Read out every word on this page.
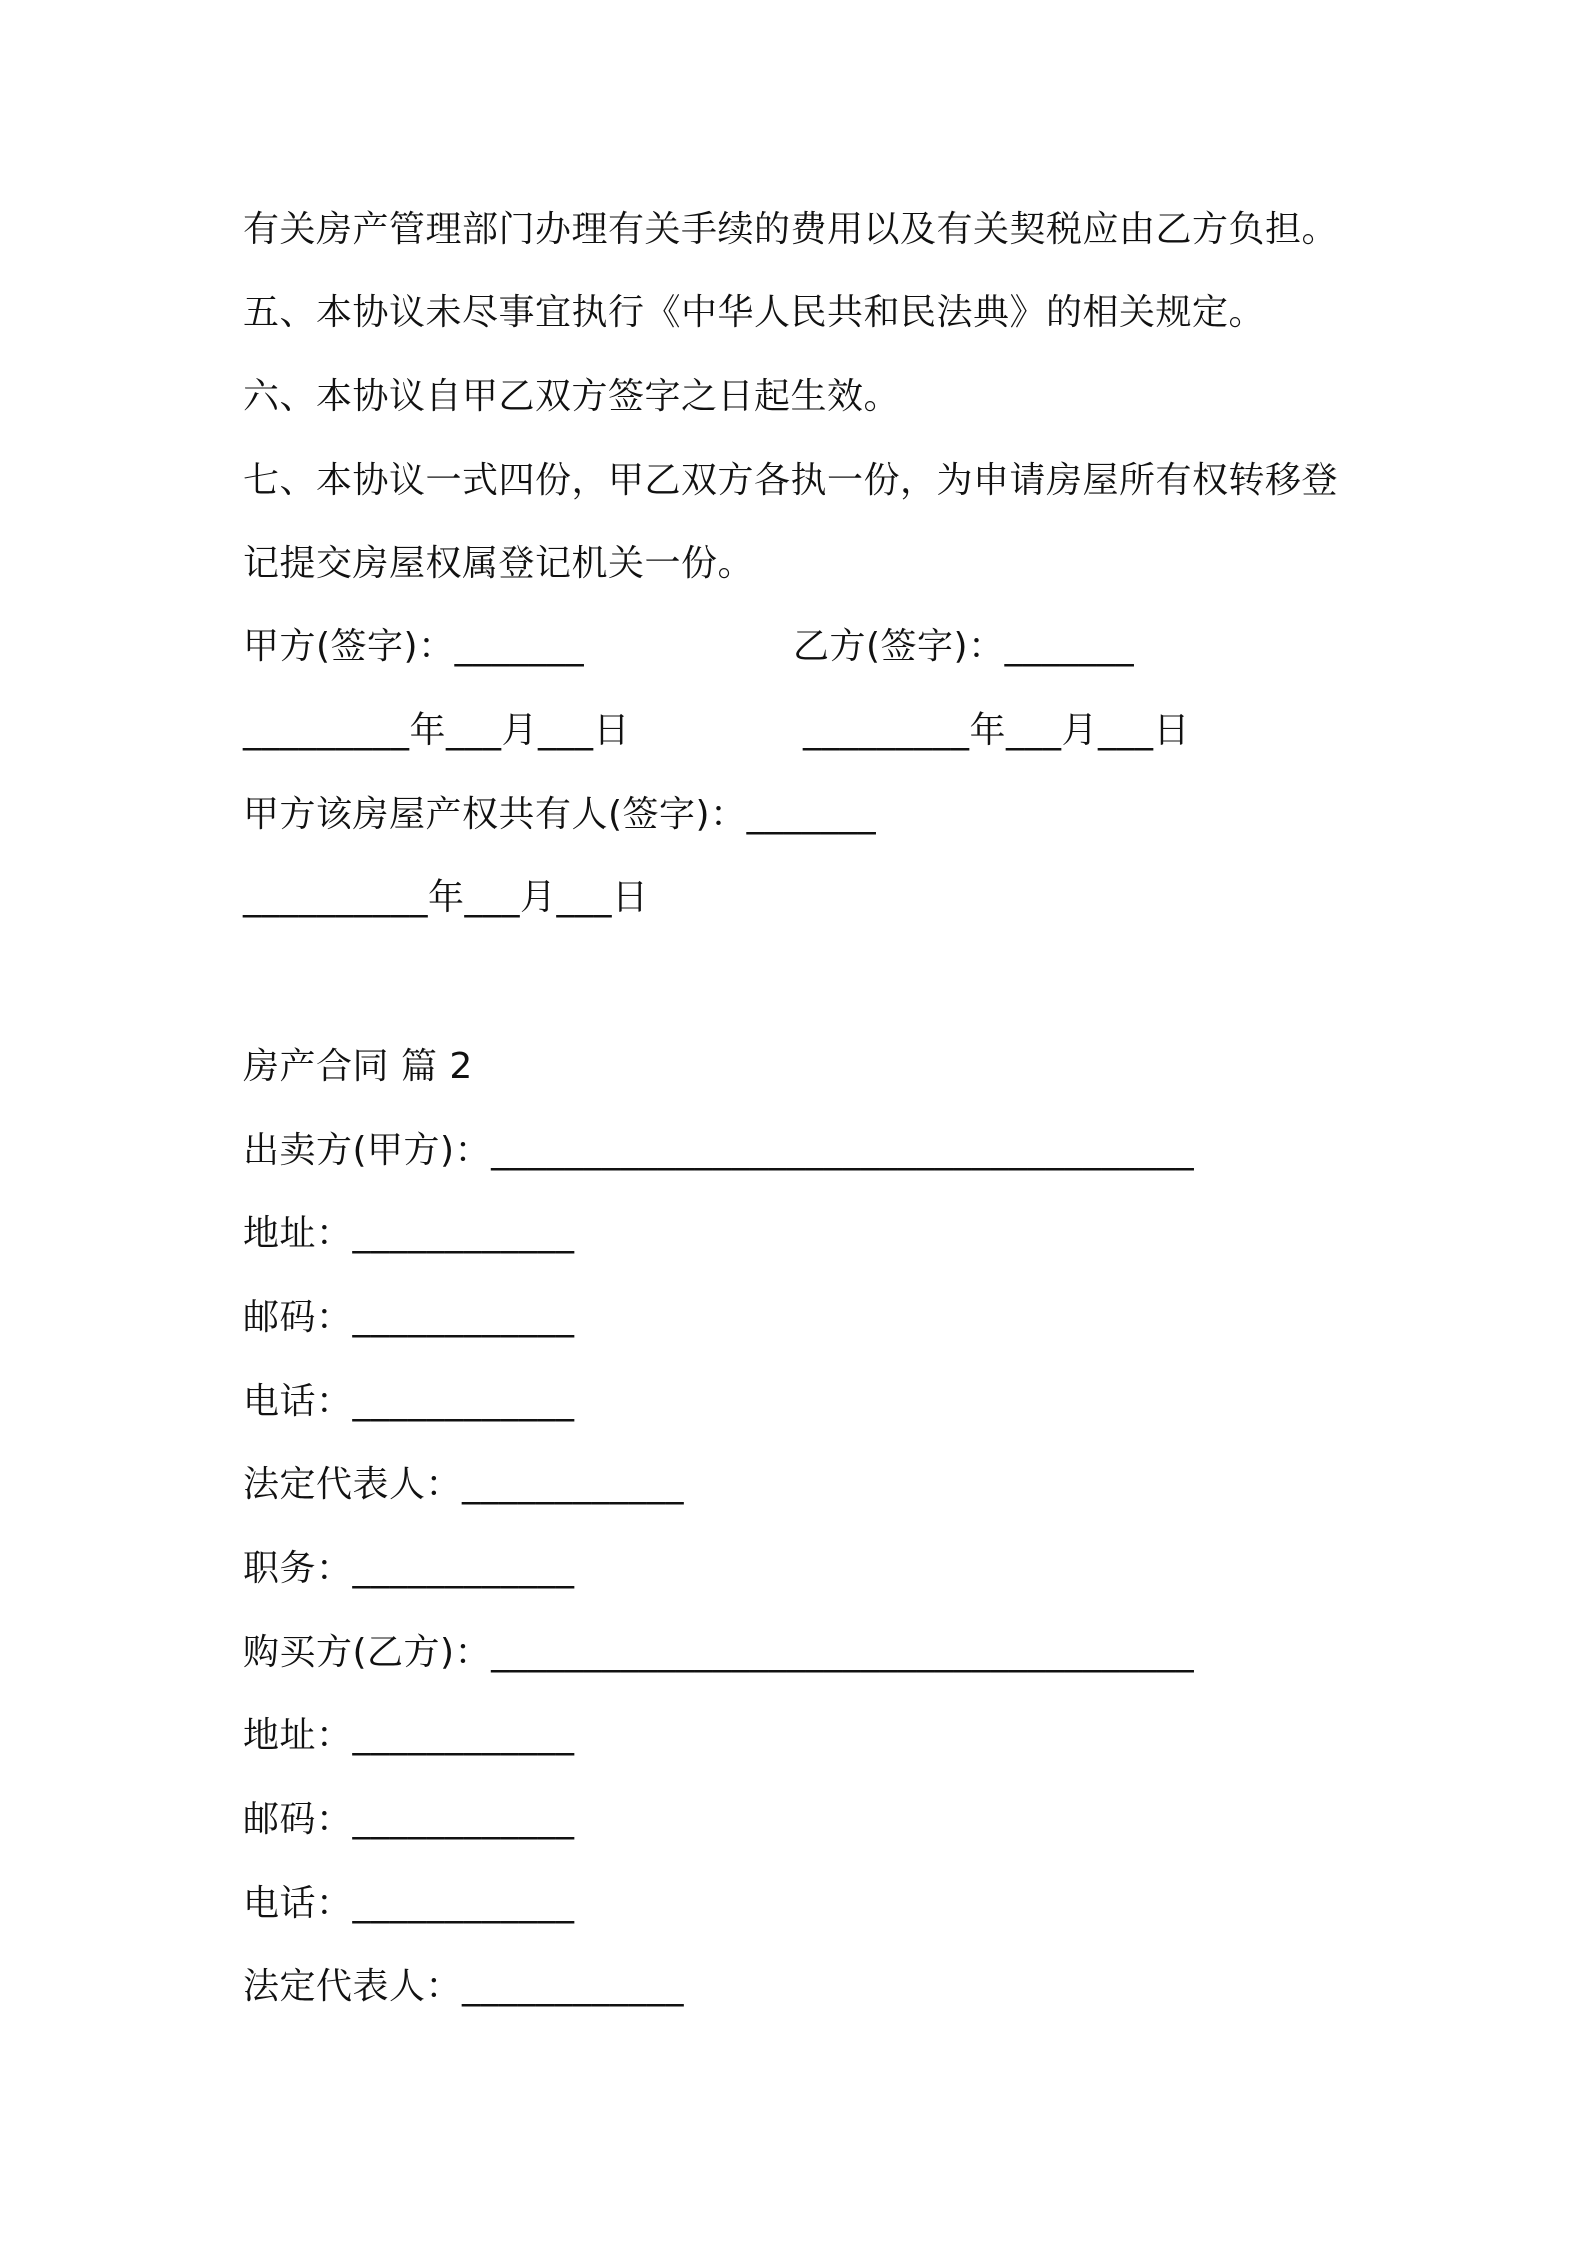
有关房产管理部门办理有关手续的费用以及有关契税应由乙方负担。
五、本协议未尽事宜执行《中华人民共和民法典》的相关规定。
六、本协议自甲乙双方签字之日起生效。
七、本协议一式四份，甲乙双方各执一份，为申请房屋所有权转移登
记提交房屋权属登记机关一份。
甲方(签字)：_______	乙方(签字)：_______
_________年___月___日	_________年___月___日
甲方该房屋产权共有人(签字)：_______
__________年___月___日
房产合同 篇 2
出卖方(甲方)：______________________________________
地址：____________
邮码：____________
电话：____________
法定代表人：____________
职务：____________
购买方(乙方)：______________________________________
地址：____________
邮码：____________
电话：____________
法定代表人：____________
